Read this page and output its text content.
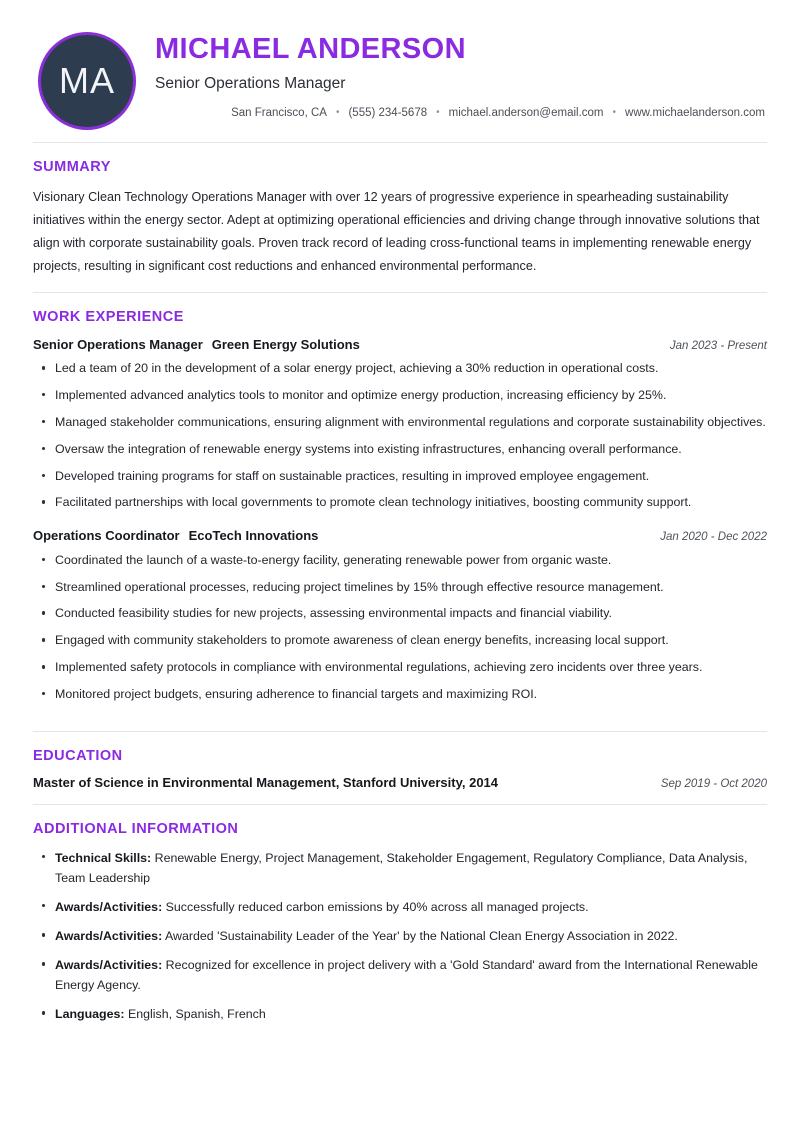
MA
MICHAEL ANDERSON
Senior Operations Manager
San Francisco, CA • (555) 234-5678 • michael.anderson@email.com • www.michaelanderson.com
SUMMARY

Visionary Clean Technology Operations Manager with over 12 years of progressive experience in spearheading sustainability initiatives within the energy sector. Adept at optimizing operational efficiencies and driving change through innovative solutions that align with corporate sustainability goals. Proven track record of leading cross-functional teams in implementing renewable energy projects, resulting in significant cost reductions and enhanced environmental performance.

WORK EXPERIENCE
Senior Operations Manager Green Energy Solutions	Jan 2023 - Present
Led a team of 20 in the development of a solar energy project, achieving a 30% reduction in operational costs.
Implemented advanced analytics tools to monitor and optimize energy production, increasing efficiency by 25%.
Managed stakeholder communications, ensuring alignment with environmental regulations and corporate sustainability objectives.
Oversaw the integration of renewable energy systems into existing infrastructures, enhancing overall performance.
Developed training programs for staff on sustainable practices, resulting in improved employee engagement.
Facilitated partnerships with local governments to promote clean technology initiatives, boosting community support.
Operations Coordinator EcoTech Innovations	Jan 2020 - Dec 2022
Coordinated the launch of a waste-to-energy facility, generating renewable power from organic waste.
Streamlined operational processes, reducing project timelines by 15% through effective resource management.
Conducted feasibility studies for new projects, assessing environmental impacts and financial viability.
Engaged with community stakeholders to promote awareness of clean energy benefits, increasing local support.
Implemented safety protocols in compliance with environmental regulations, achieving zero incidents over three years.
Monitored project budgets, ensuring adherence to financial targets and maximizing ROI.
EDUCATION
Master of Science in Environmental Management, Stanford University, 2014	Sep 2019 - Oct 2020
ADDITIONAL INFORMATION
Technical Skills: Renewable Energy, Project Management, Stakeholder Engagement, Regulatory Compliance, Data Analysis, Team Leadership
Awards/Activities: Successfully reduced carbon emissions by 40% across all managed projects.
Awards/Activities: Awarded 'Sustainability Leader of the Year' by the National Clean Energy Association in 2022.
Awards/Activities: Recognized for excellence in project delivery with a 'Gold Standard' award from the International Renewable Energy Agency.
Languages: English, Spanish, French
